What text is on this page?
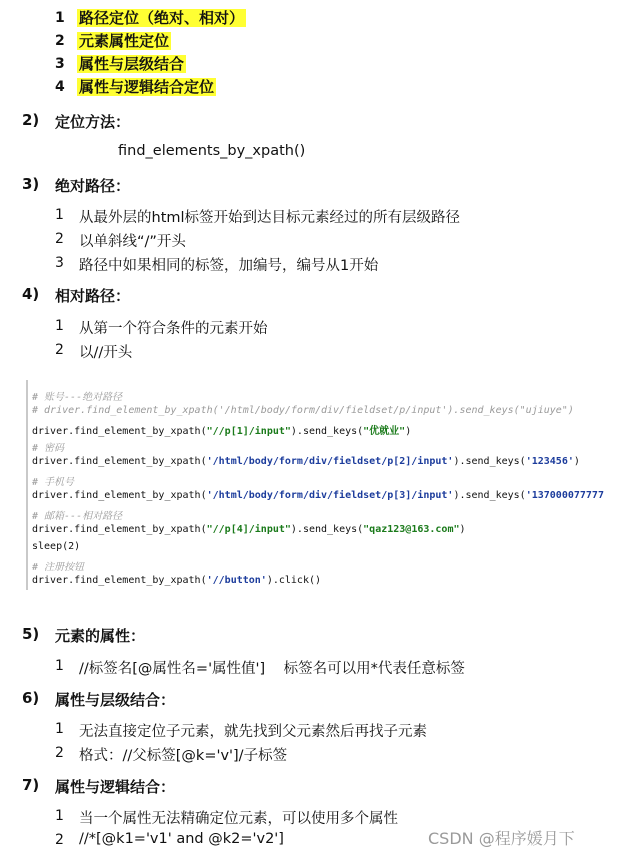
1 路径定位（绝对、相对）
2 元素属性定位
3 属性与层级结合
4 属性与逻辑结合定位
2) 定位方法：
find_elements_by_xpath()
3) 绝对路径：
1 从最外层的html标签开始到达目标元素经过的所有层级路径
2 以单斜线“/”开头
3 路径中如果相同的标签，加编号，编号从1开始
4) 相对路径：
1 从第一个符合条件的元素开始
2 以//开头
# 账号---绝对路径
# driver.find_element_by_xpath('/html/body/form/div/fieldset/p/input').send_keys("ujiuye")
driver.find_element_by_xpath("//p[1]/input").send_keys("优就业")
# 密码
driver.find_element_by_xpath('/html/body/form/div/fieldset/p[2]/input').send_keys('123456')
# 手机号
driver.find_element_by_xpath('/html/body/form/div/fieldset/p[3]/input').send_keys('137000077777
# 邮箱---相对路径
driver.find_element_by_xpath("//p[4]/input").send_keys("qaz123@163.com")
sleep(2)
# 注册按钮
driver.find_element_by_xpath('//button').click()
5) 元素的属性：
1 //标签名[@属性名='属性值']    标签名可以用*代表任意标签
6) 属性与层级结合：
1 无法直接定位子元素，就先找到父元素然后再找子元素
2 格式：//父标签[@k='v']/子标签
7) 属性与逻辑结合：
1 当一个属性无法精确定位元素，可以使用多个属性
2 //*[@k1='v1' and @k2='v2']	CSDN @程序媛月下
